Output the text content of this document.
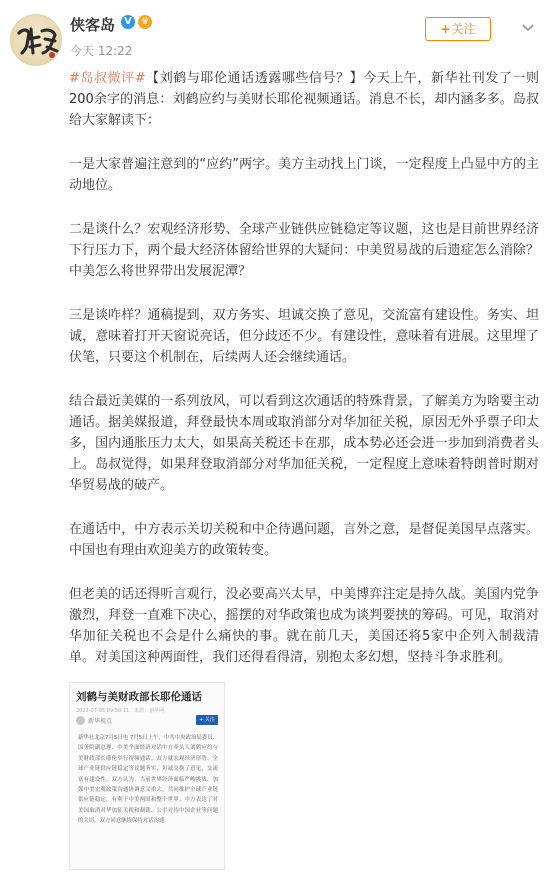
侠客岛 V	♛
今天 12:22
+关注

#岛叔微评#【刘鹤与耶伦通话透露哪些信号？】今天上午，新华社刊发了一则200余字的消息：刘鹤应约与美财长耶伦视频通话。消息不长，却内涵多多。岛叔给大家解读下：

一是大家普遍注意到的“应约”两字。美方主动找上门谈，一定程度上凸显中方的主动地位。

二是谈什么？宏观经济形势、全球产业链供应链稳定等议题，这也是目前世界经济下行压力下，两个最大经济体留给世界的大疑问：中美贸易战的后遗症怎么消除？中美怎么将世界带出发展泥潭？

三是谈咋样？通稿提到，双方务实、坦诚交换了意见，交流富有建设性。务实、坦诚，意味着打开天窗说亮话，但分歧还不少。有建设性，意味着有进展。这里埋了伏笔，只要这个机制在，后续两人还会继续通话。

结合最近美媒的一系列放风，可以看到这次通话的特殊背景，了解美方为啥要主动通话。据美媒报道，拜登最快本周或取消部分对华加征关税，原因无外乎票子印太多，国内通胀压力太大，如果高关税还卡在那，成本势必还会进一步加到消费者头上。岛叔觉得，如果拜登取消部分对华加征关税，一定程度上意味着特朗普时期对华贸易战的破产。

在通话中，中方表示关切关税和中企待遇问题，言外之意，是督促美国早点落实。中国也有理由欢迎美方的政策转变。

但老美的话还得听言观行，没必要高兴太早，中美博弈注定是持久战。美国内党争激烈，拜登一直难下决心，摇摆的对华政策也成为谈判要挟的筹码。可见，取消对华加征关税也不会是什么痛快的事。就在前几天，美国还将5家中企列入制裁清单。对美国这种两面性，我们还得看得清，别抱太多幻想，坚持斗争求胜利。

刘鹤与美财政部长耶伦通话
2022-07-05 09:50:11　来源：新华网
新华视点	+ 关注
新华社北京7月5日电 7月5日上午，中共中央政治局委员、国务院副总理、中美全面经济对话中方牵头人刘鹤应约与美财政部长耶伦举行视频通话。双方就宏观经济形势、全球产业链供应链稳定等议题务实、坦诚交换了意见，交流富有建设性。双方认为，当前世界经济面临严峻挑战，加强中美宏观政策沟通协调意义重大，共同维护全球产业链供应链稳定，有利于中美两国和整个世界。中方表达了对美国取消对华加征关税和制裁、公平对待中国企业等问题的关切。双方同意继续保持对话沟通。
